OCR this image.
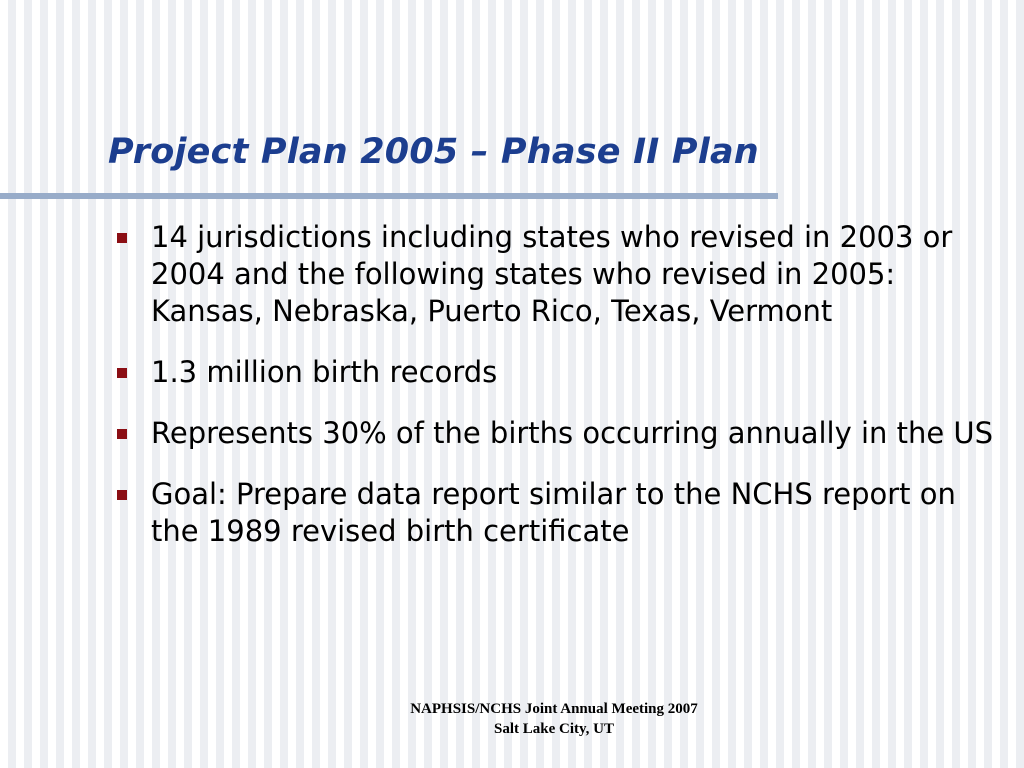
Project Plan 2005 – Phase II Plan
14 jurisdictions including states who revised in 2003 or 2004 and the following states who revised in 2005: Kansas, Nebraska, Puerto Rico, Texas, Vermont
1.3 million birth records
Represents 30% of the births occurring annually in the US
Goal: Prepare data report similar to the NCHS report on the 1989 revised birth certificate
NAPHSIS/NCHS Joint Annual Meeting 2007
Salt Lake City, UT
